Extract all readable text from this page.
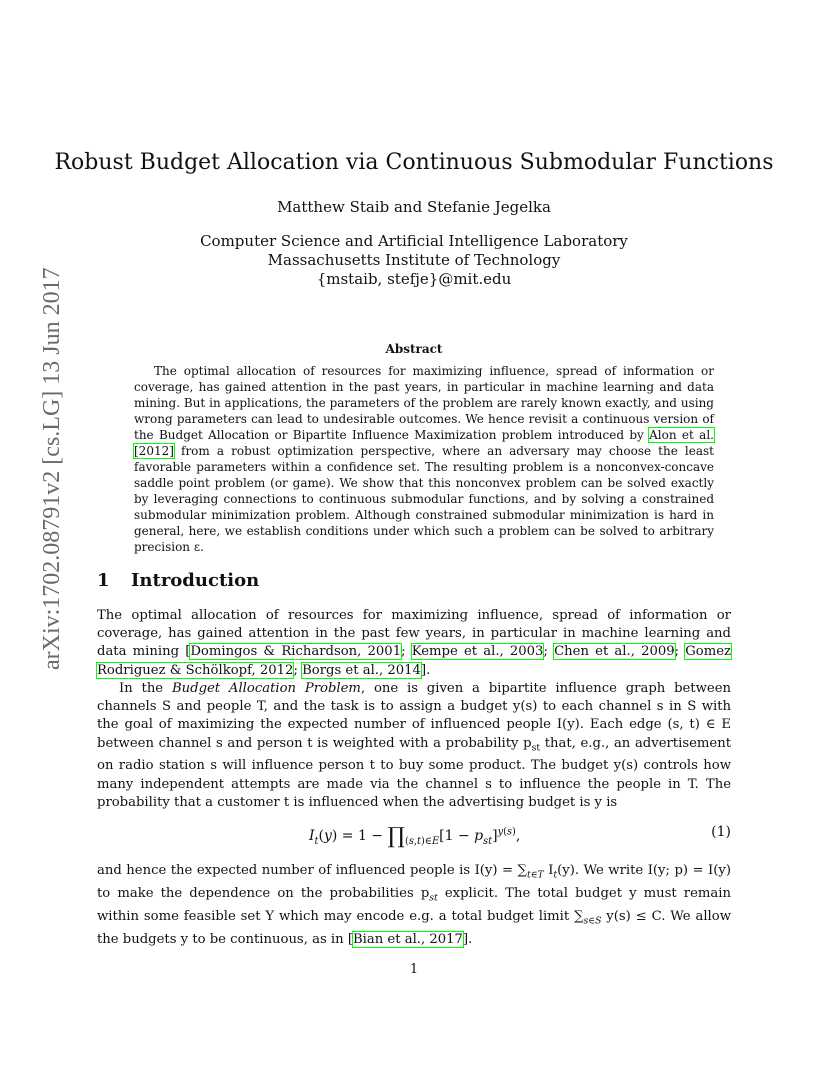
arXiv:1702.08791v2 [cs.LG] 13 Jun 2017
Robust Budget Allocation via Continuous Submodular Functions
Matthew Staib and Stefanie Jegelka
Computer Science and Artificial Intelligence Laboratory
Massachusetts Institute of Technology
{mstaib, stefje}@mit.edu
Abstract
The optimal allocation of resources for maximizing influence, spread of information or coverage, has gained attention in the past years, in particular in machine learning and data mining. But in applications, the parameters of the problem are rarely known exactly, and using wrong parameters can lead to undesirable outcomes. We hence revisit a continuous version of the Budget Allocation or Bipartite Influence Maximization problem introduced by Alon et al. [2012] from a robust optimization perspective, where an adversary may choose the least favorable parameters within a confidence set. The resulting problem is a nonconvex-concave saddle point problem (or game). We show that this nonconvex problem can be solved exactly by leveraging connections to continuous submodular functions, and by solving a constrained submodular minimization problem. Although constrained submodular minimization is hard in general, here, we establish conditions under which such a problem can be solved to arbitrary precision ε.
1 Introduction
The optimal allocation of resources for maximizing influence, spread of information or coverage, has gained attention in the past few years, in particular in machine learning and data mining [Domingos & Richardson, 2001; Kempe et al., 2003; Chen et al., 2009; Gomez Rodriguez & Schölkopf, 2012; Borgs et al., 2014].
In the Budget Allocation Problem, one is given a bipartite influence graph between channels S and people T, and the task is to assign a budget y(s) to each channel s in S with the goal of maximizing the expected number of influenced people I(y). Each edge (s, t) ∈ E between channel s and person t is weighted with a probability $p_{st}$ that, e.g., an advertisement on radio station s will influence person t to buy some product. The budget y(s) controls how many independent attempts are made via the channel s to influence the people in T. The probability that a customer t is influenced when the advertising budget is y is
$I_t(y) = 1$ − $\prod_{(s,t)\in E}[1 - p_{st}]^{y(s)}$,	(1)
and hence the expected number of influenced people is $I(y) = \sum_{t\in T}$ $I_t(y)$. We write I(y; p) = I(y) to make the dependence on the probabilities $p_{st}$ explicit. The total budget y must remain within some feasible set Y which may encode e.g. a total budget limit $\sum_{s\in S}$ y(s) ≤ C. We allow the budgets y to be continuous, as in [Bian et al., 2017].
1
